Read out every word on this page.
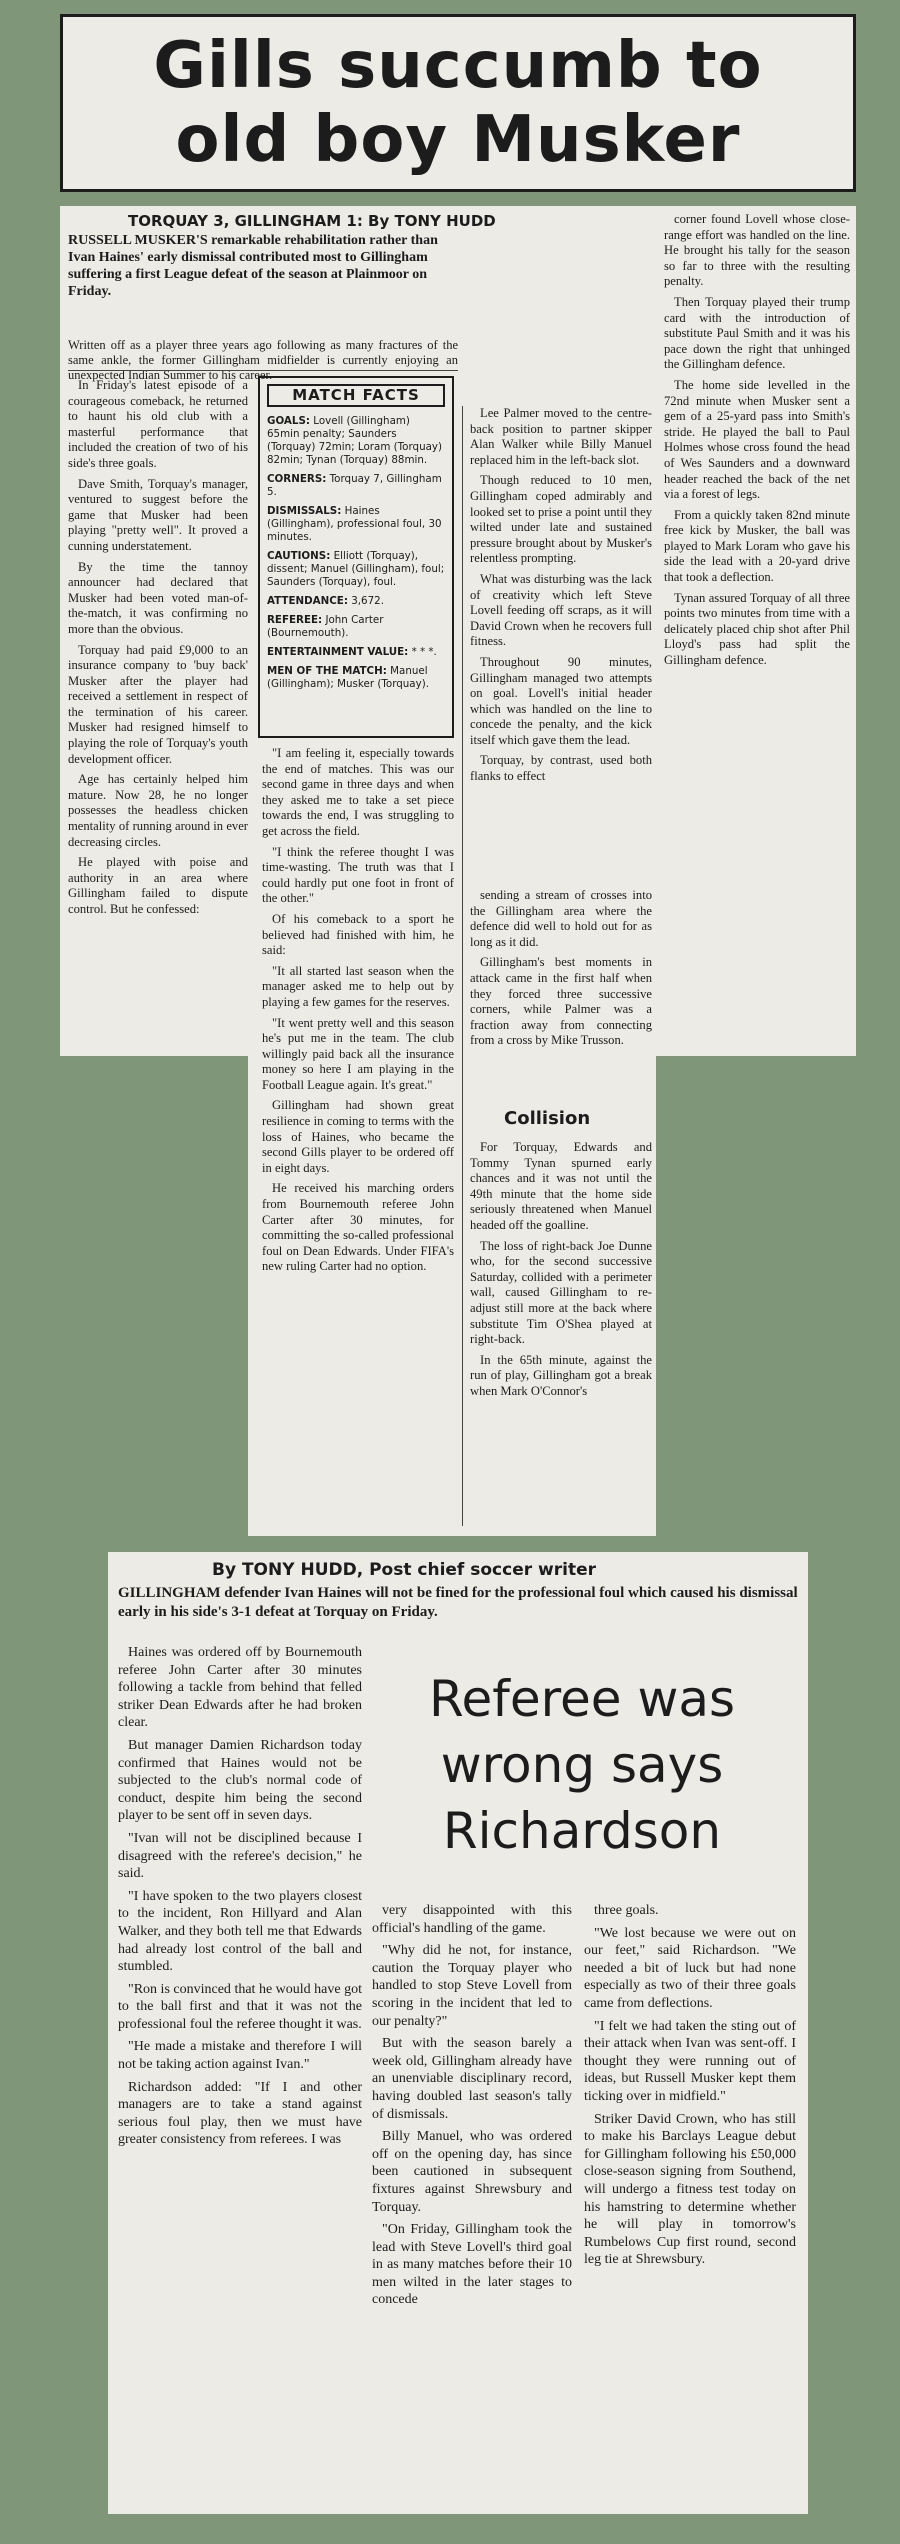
Gills succumb to
old boy Musker
TORQUAY 3, GILLINGHAM 1: By TONY HUDD
RUSSELL MUSKER'S remarkable rehabilitation rather than Ivan Haines' early dismissal contributed most to Gillingham suffering a first League defeat of the season at Plainmoor on Friday.
Written off as a player three years ago following as many fractures of the same ankle, the former Gillingham midfielder is currently enjoying an unexpected Indian Summer to his career.

In Friday's latest episode of a courageous comeback, he returned to haunt his old club with a masterful performance that included the creation of two of his side's three goals.

Dave Smith, Torquay's manager, ventured to suggest before the game that Musker had been playing "pretty well". It proved a cunning understatement.

By the time the tannoy announcer had declared that Musker had been voted man-of-the-match, it was confirming no more than the obvious.

Torquay had paid £9,000 to an insurance company to 'buy back' Musker after the player had received a settlement in respect of the termination of his career. Musker had resigned himself to playing the role of Torquay's youth development officer.

Age has certainly helped him mature. Now 28, he no longer possesses the headless chicken mentality of running around in ever decreasing circles.

He played with poise and authority in an area where Gillingham failed to dispute control. But he confessed:

MATCH FACTS
GOALS: Lovell (Gillingham) 65min penalty; Saunders (Torquay) 72min; Loram (Torquay) 82min; Tynan (Torquay) 88min.
CORNERS: Torquay 7, Gillingham 5.
DISMISSALS: Haines (Gillingham), professional foul, 30 minutes.
CAUTIONS: Elliott (Torquay), dissent; Manuel (Gillingham), foul; Saunders (Torquay), foul.
ATTENDANCE: 3,672.
REFEREE: John Carter (Bournemouth).
ENTERTAINMENT VALUE: * * *.
MEN OF THE MATCH: Manuel (Gillingham); Musker (Torquay).

"I am feeling it, especially towards the end of matches. This was our second game in three days and when they asked me to take a set piece towards the end, I was struggling to get across the field.

"I think the referee thought I was time-wasting. The truth was that I could hardly put one foot in front of the other."

Of his comeback to a sport he believed had finished with him, he said:

"It all started last season when the manager asked me to help out by playing a few games for the reserves.

"It went pretty well and this season he's put me in the team. The club willingly paid back all the insurance money so here I am playing in the Football League again. It's great."

Gillingham had shown great resilience in coming to terms with the loss of Haines, who became the second Gills player to be ordered off in eight days.

He received his marching orders from Bournemouth referee John Carter after 30 minutes, for committing the so-called professional foul on Dean Edwards. Under FIFA's new ruling Carter had no option.

Lee Palmer moved to the centre-back position to partner skipper Alan Walker while Billy Manuel replaced him in the left-back slot.

Though reduced to 10 men, Gillingham coped admirably and looked set to prise a point until they wilted under late and sustained pressure brought about by Musker's relentless prompting.

What was disturbing was the lack of creativity which left Steve Lovell feeding off scraps, as it will David Crown when he recovers full fitness.

Throughout 90 minutes, Gillingham managed two attempts on goal. Lovell's initial header which was handled on the line to concede the penalty, and the kick itself which gave them the lead.

Torquay, by contrast, used both flanks to effect

sending a stream of crosses into the Gillingham area where the defence did well to hold out for as long as it did.

Gillingham's best moments in attack came in the first half when they forced three successive corners, while Palmer was a fraction away from connecting from a cross by Mike Trusson.

Collision

For Torquay, Edwards and Tommy Tynan spurned early chances and it was not until the 49th minute that the home side seriously threatened when Manuel headed off the goalline.

The loss of right-back Joe Dunne who, for the second successive Saturday, collided with a perimeter wall, caused Gillingham to re-adjust still more at the back where substitute Tim O'Shea played at right-back.

In the 65th minute, against the run of play, Gillingham got a break when Mark O'Connor's

corner found Lovell whose close-range effort was handled on the line. He brought his tally for the season so far to three with the resulting penalty.

Then Torquay played their trump card with the introduction of substitute Paul Smith and it was his pace down the right that unhinged the Gillingham defence.

The home side levelled in the 72nd minute when Musker sent a gem of a 25-yard pass into Smith's stride. He played the ball to Paul Holmes whose cross found the head of Wes Saunders and a downward header reached the back of the net via a forest of legs.

From a quickly taken 82nd minute free kick by Musker, the ball was played to Mark Loram who gave his side the lead with a 20-yard drive that took a deflection.

Tynan assured Torquay of all three points two minutes from time with a delicately placed chip shot after Phil Lloyd's pass had split the Gillingham defence.

By TONY HUDD, Post chief soccer writer
GILLINGHAM defender Ivan Haines will not be fined for the professional foul which caused his dismissal early in his side's 3-1 defeat at Torquay on Friday.
Referee was
wrong says
Richardson

Haines was ordered off by Bournemouth referee John Carter after 30 minutes following a tackle from behind that felled striker Dean Edwards after he had broken clear.

But manager Damien Richardson today confirmed that Haines would not be subjected to the club's normal code of conduct, despite him being the second player to be sent off in seven days.

"Ivan will not be disciplined because I disagreed with the referee's decision," he said.

"I have spoken to the two players closest to the incident, Ron Hillyard and Alan Walker, and they both tell me that Edwards had already lost control of the ball and stumbled.

"Ron is convinced that he would have got to the ball first and that it was not the professional foul the referee thought it was.

"He made a mistake and therefore I will not be taking action against Ivan."

Richardson added: "If I and other managers are to take a stand against serious foul play, then we must have greater consistency from referees. I was

very disappointed with this official's handling of the game.

"Why did he not, for instance, caution the Torquay player who handled to stop Steve Lovell from scoring in the incident that led to our penalty?"

But with the season barely a week old, Gillingham already have an unenviable disciplinary record, having doubled last season's tally of dismissals.

Billy Manuel, who was ordered off on the opening day, has since been cautioned in subsequent fixtures against Shrewsbury and Torquay.

"On Friday, Gillingham took the lead with Steve Lovell's third goal in as many matches before their 10 men wilted in the later stages to concede

three goals.

"We lost because we were out on our feet," said Richardson. "We needed a bit of luck but had none especially as two of their three goals came from deflections.

"I felt we had taken the sting out of their attack when Ivan was sent-off. I thought they were running out of ideas, but Russell Musker kept them ticking over in midfield."

Striker David Crown, who has still to make his Barclays League debut for Gillingham following his £50,000 close-season signing from Southend, will undergo a fitness test today on his hamstring to determine whether he will play in tomorrow's Rumbelows Cup first round, second leg tie at Shrewsbury.
